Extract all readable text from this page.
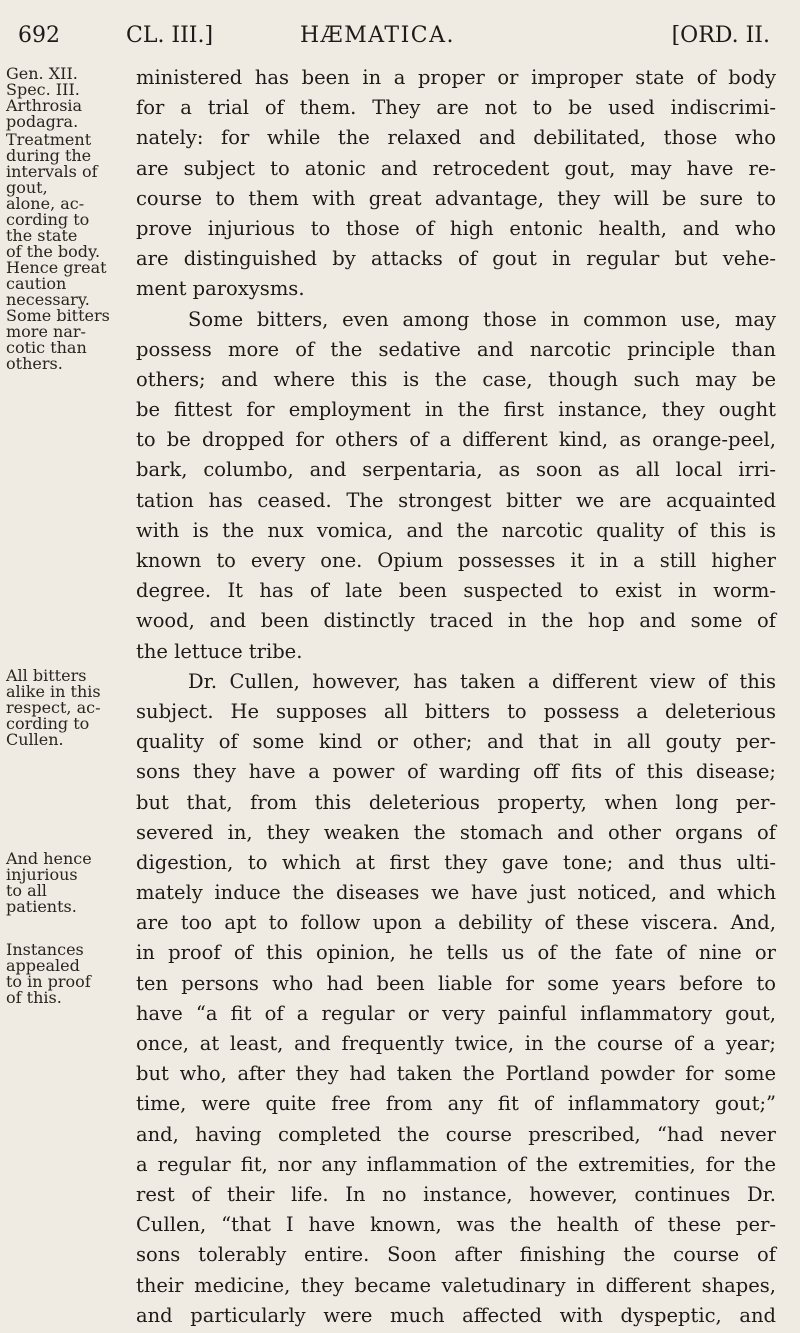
692	CL. III.]	HÆMATICA.	[ORD. II.
Gen. XII.
Spec. III.
Arthrosia
podagra.
Treatment
during the
intervals of
gout,
alone, ac-
cording to
the state
of the body.
Hence great
caution
necessary.
Some bitters
more nar-
cotic than
others.
All bitters
alike in this
respect, ac-
cording to
Cullen.
And hence
injurious
to all
patients.
Instances
appealed
to in proof
of this.
ministered has been in a proper or improper state of body
for a trial of them. They are not to be used indiscrimi-
nately: for while the relaxed and debilitated, those who
are subject to atonic and retrocedent gout, may have re-
course to them with great advantage, they will be sure to
prove injurious to those of high entonic health, and who
are distinguished by attacks of gout in regular but vehe-
ment paroxysms.
Some bitters, even among those in common use, may
possess more of the sedative and narcotic principle than
others; and where this is the case, though such may be
be fittest for employment in the first instance, they ought
to be dropped for others of a different kind, as orange-peel,
bark, columbo, and serpentaria, as soon as all local irri-
tation has ceased. The strongest bitter we are acquainted
with is the nux vomica, and the narcotic quality of this is
known to every one. Opium possesses it in a still higher
degree. It has of late been suspected to exist in worm-
wood, and been distinctly traced in the hop and some of
the lettuce tribe.
Dr. Cullen, however, has taken a different view of this
subject. He supposes all bitters to possess a deleterious
quality of some kind or other; and that in all gouty per-
sons they have a power of warding off fits of this disease;
but that, from this deleterious property, when long per-
severed in, they weaken the stomach and other organs of
digestion, to which at first they gave tone; and thus ulti-
mately induce the diseases we have just noticed, and which
are too apt to follow upon a debility of these viscera. And,
in proof of this opinion, he tells us of the fate of nine or
ten persons who had been liable for some years before to
have “a fit of a regular or very painful inflammatory gout,
once, at least, and frequently twice, in the course of a year;
but who, after they had taken the Portland powder for some
time, were quite free from any fit of inflammatory gout;”
and, having completed the course prescribed, “had never
a regular fit, nor any inflammation of the extremities, for the
rest of their life. In no instance, however, continues Dr.
Cullen, “that I have known, was the health of these per-
sons tolerably entire. Soon after finishing the course of
their medicine, they became valetudinary in different shapes,
and particularly were much affected with dyspeptic, and
